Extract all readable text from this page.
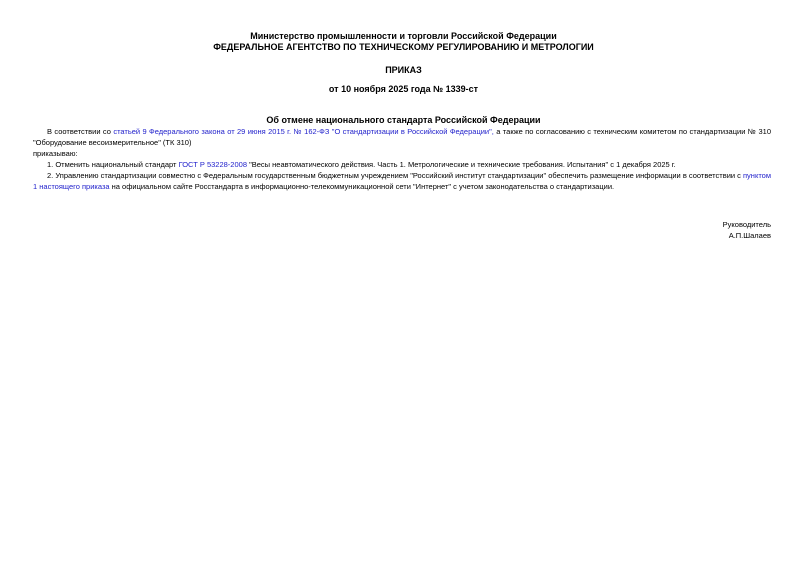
Министерство промышленности и торговли Российской Федерации
ФЕДЕРАЛЬНОЕ АГЕНТСТВО ПО ТЕХНИЧЕСКОМУ РЕГУЛИРОВАНИЮ И МЕТРОЛОГИИ
ПРИКАЗ
от 10 ноября 2025 года № 1339-ст
Об отмене национального стандарта Российской Федерации

В соответствии со статьей 9 Федерального закона от 29 июня 2015 г. № 162-ФЗ "О стандартизации в Российской Федерации", а также по согласованию с техническим комитетом по стандартизации № 310 "Оборудование весоизмерительное" (ТК 310)

приказываю:

1. Отменить национальный стандарт ГОСТ Р 53228-2008 "Весы неавтоматического действия. Часть 1. Метрологические и технические требования. Испытания" с 1 декабря 2025 г.

2. Управлению стандартизации совместно с Федеральным государственным бюджетным учреждением "Российский институт стандартизации" обеспечить размещение информации в соответствии с пунктом 1 настоящего приказа на официальном сайте Росстандарта в информационно-телекоммуникационной сети "Интернет" с учетом законодательства о стандартизации.

Руководитель
А.П.Шалаев
